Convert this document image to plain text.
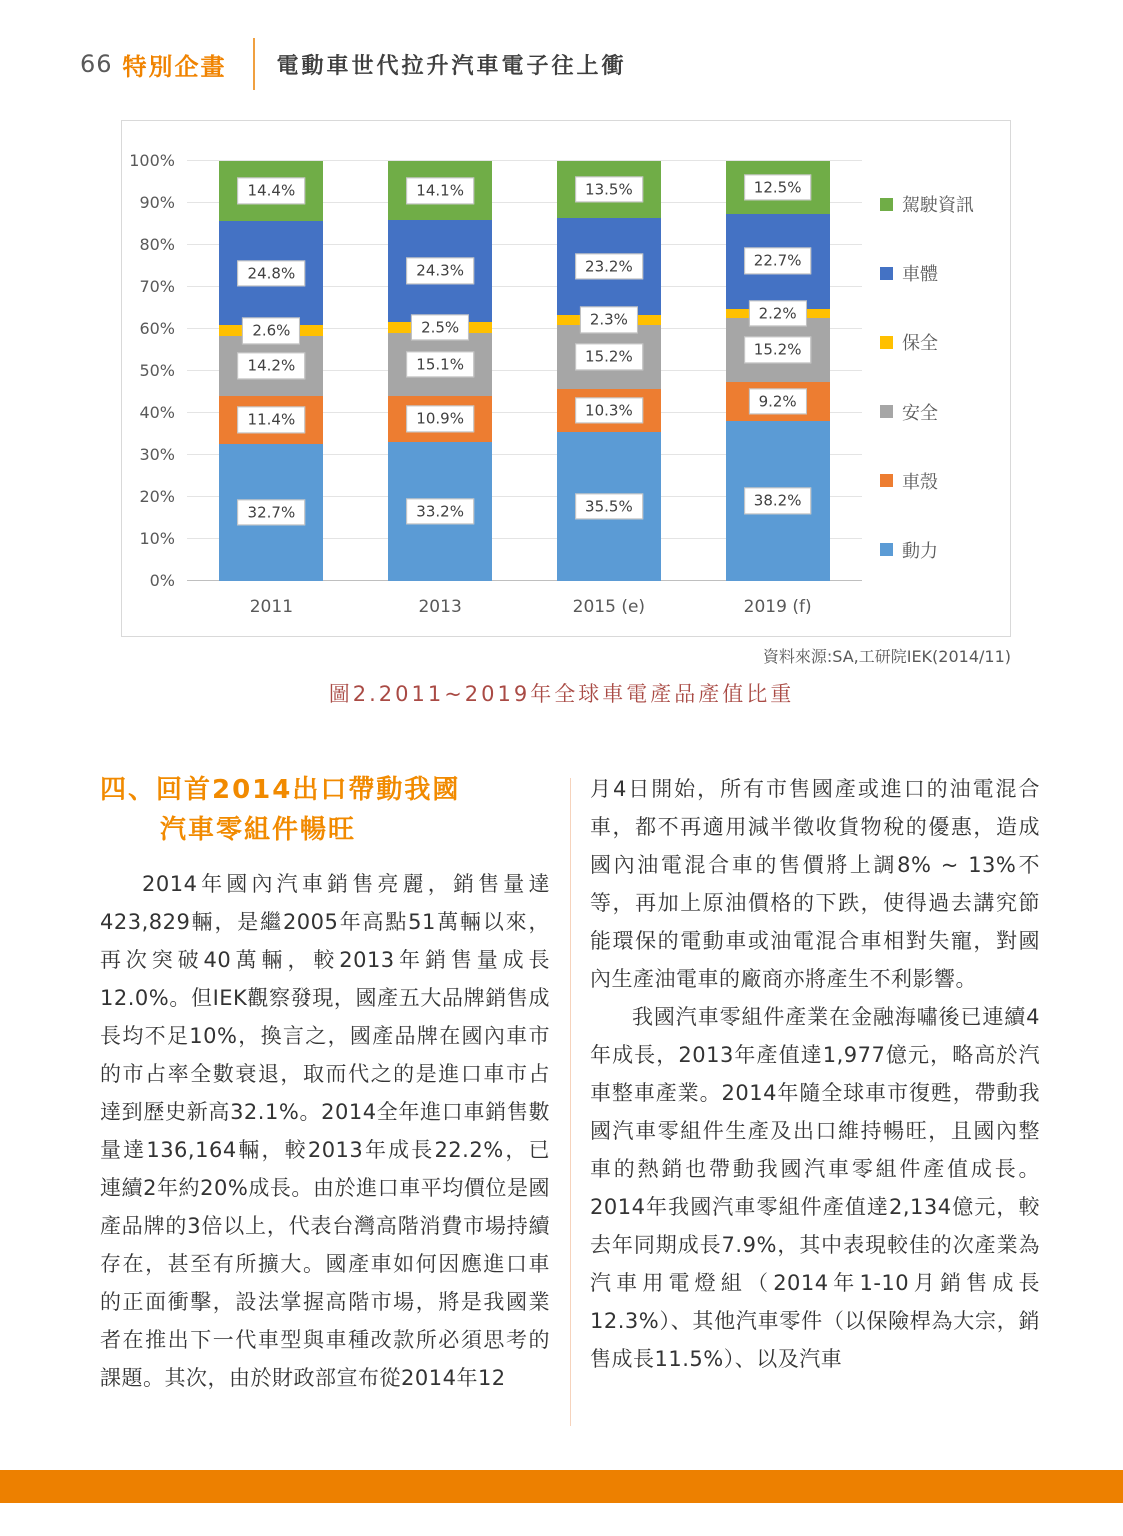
66 特別企畫 電動車世代拉升汽車電子往上衝
0%
10%
20%
30%
40%
50%
60%
70%
80%
90%
100%
32.7%
11.4%
14.2%
2.6%
24.8%
14.4%
2011
33.2%
10.9%
15.1%
2.5%
24.3%
14.1%
2013
35.5%
10.3%
15.2%
2.3%
23.2%
13.5%
2015 (e)
38.2%
9.2%
15.2%
2.2%
22.7%
12.5%
2019 (f)
駕駛資訊
車體
保全
安全
車殼
動力
資料來源:SA,工研院IEK(2014/11)
圖2.2011~2019年全球車電產品產值比重
四、回首2014出口帶動我國
汽車零組件暢旺

2014年國內汽車銷售亮麗，銷售量達423,829輛，是繼2005年高點51萬輛以來，再次突破40萬輛，較2013年銷售量成長12.0%。但IEK觀察發現，國產五大品牌銷售成長均不足10%，換言之，國產品牌在國內車市的市占率全數衰退，取而代之的是進口車市占達到歷史新高32.1%。2014全年進口車銷售數量達136,164輛，較2013年成長22.2%，已連續2年約20%成長。由於進口車平均價位是國產品牌的3倍以上，代表台灣高階消費市場持續存在，甚至有所擴大。國產車如何因應進口車的正面衝擊，設法掌握高階市場，將是我國業者在推出下一代車型與車種改款所必須思考的課題。其次，由於財政部宣布從2014年12

月4日開始，所有市售國產或進口的油電混合車，都不再適用減半徵收貨物稅的優惠，造成國內油電混合車的售價將上調8% ~ 13%不等，再加上原油價格的下跌，使得過去講究節能環保的電動車或油電混合車相對失寵，對國內生產油電車的廠商亦將產生不利影響。

我國汽車零組件產業在金融海嘯後已連續4年成長，2013年產值達1,977億元，略高於汽車整車產業。2014年隨全球車市復甦，帶動我國汽車零組件生產及出口維持暢旺，且國內整車的熱銷也帶動我國汽車零組件產值成長。2014年我國汽車零組件產值達2,134億元，較去年同期成長7.9%，其中表現較佳的次產業為汽車用電燈組（2014年1-10月銷售成長12.3%）、其他汽車零件（以保險桿為大宗，銷售成長11.5%）、以及汽車
